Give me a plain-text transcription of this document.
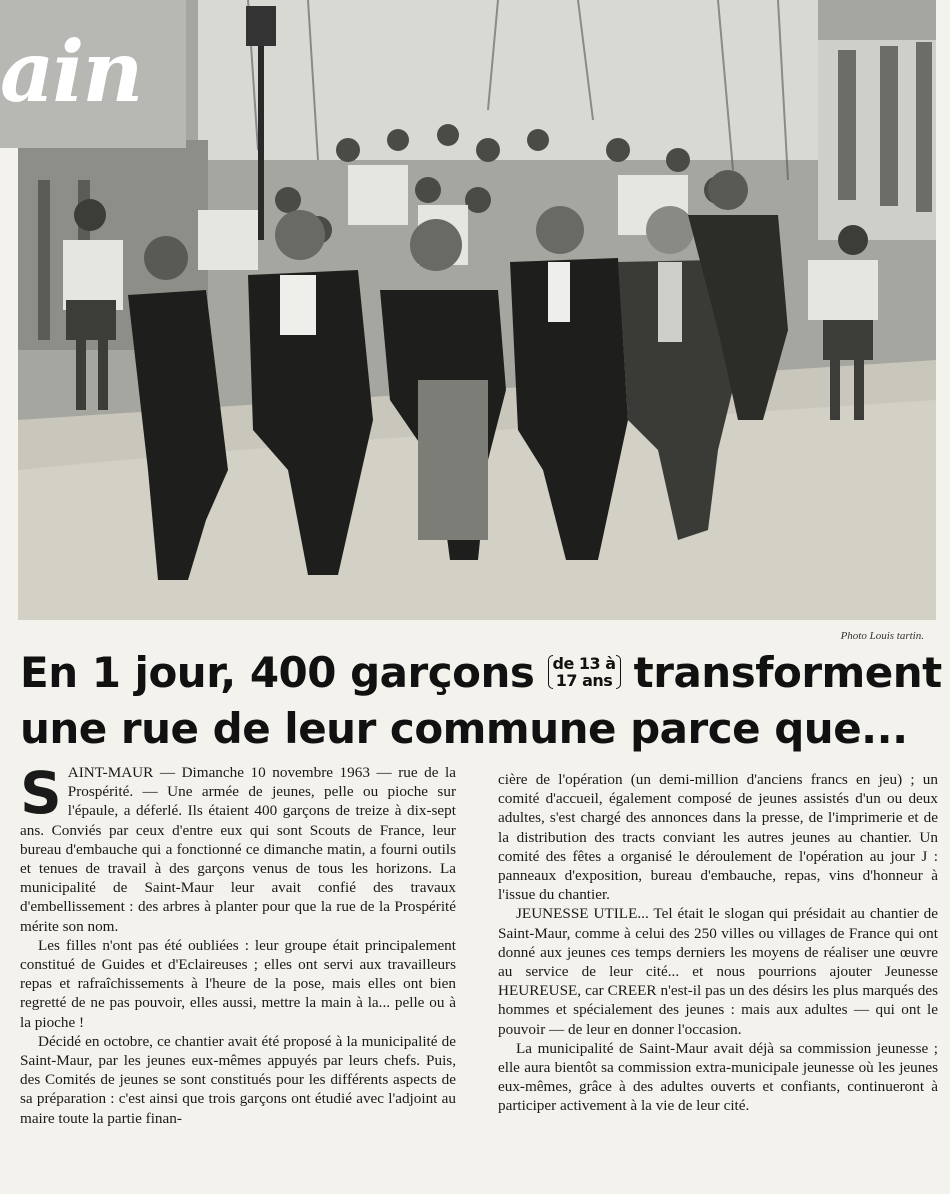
ain
Photo Louis tartin.
En 1 jour, 400 garçons de 13 à
17 ans transforment
une rue de leur commune parce que...

SAINT-MAUR — Dimanche 10 novembre 1963 — rue de la Prospérité. — Une armée de jeunes, pelle ou pioche sur l'épaule, a déferlé. Ils étaient 400 garçons de treize à dix-sept ans. Conviés par ceux d'entre eux qui sont Scouts de France, leur bureau d'embauche qui a fonctionné ce dimanche matin, a fourni outils et tenues de travail à des garçons venus de tous les horizons. La municipalité de Saint-Maur leur avait confié des travaux d'embellissement : des arbres à planter pour que la rue de la Prospérité mérite son nom.

Les filles n'ont pas été oubliées : leur groupe était principalement constitué de Guides et d'Eclaireuses ; elles ont servi aux travailleurs repas et rafraîchissements à l'heure de la pose, mais elles ont bien regretté de ne pas pouvoir, elles aussi, mettre la main à la... pelle ou à la pioche !

Décidé en octobre, ce chantier avait été proposé à la municipalité de Saint-Maur, par les jeunes eux-mêmes appuyés par leurs chefs. Puis, des Comités de jeunes se sont constitués pour les différents aspects de sa préparation : c'est ainsi que trois garçons ont étudié avec l'adjoint au maire toute la partie finan-

cière de l'opération (un demi-million d'anciens francs en jeu) ; un comité d'accueil, également composé de jeunes assistés d'un ou deux adultes, s'est chargé des annonces dans la presse, de l'imprimerie et de la distribution des tracts conviant les autres jeunes au chantier. Un comité des fêtes a organisé le déroulement de l'opération au jour J : panneaux d'exposition, bureau d'embauche, repas, vins d'honneur à l'issue du chantier.

JEUNESSE UTILE... Tel était le slogan qui présidait au chantier de Saint-Maur, comme à celui des 250 villes ou villages de France qui ont donné aux jeunes ces temps derniers les moyens de réaliser une œuvre au service de leur cité... et nous pourrions ajouter Jeunesse HEUREUSE, car CREER n'est-il pas un des désirs les plus marqués des hommes et spécialement des jeunes : mais aux adultes — qui ont le pouvoir — de leur en donner l'occasion.

La municipalité de Saint-Maur avait déjà sa commission jeunesse ; elle aura bientôt sa commission extra-municipale jeunesse où les jeunes eux-mêmes, grâce à des adultes ouverts et confiants, continueront à participer activement à la vie de leur cité.
